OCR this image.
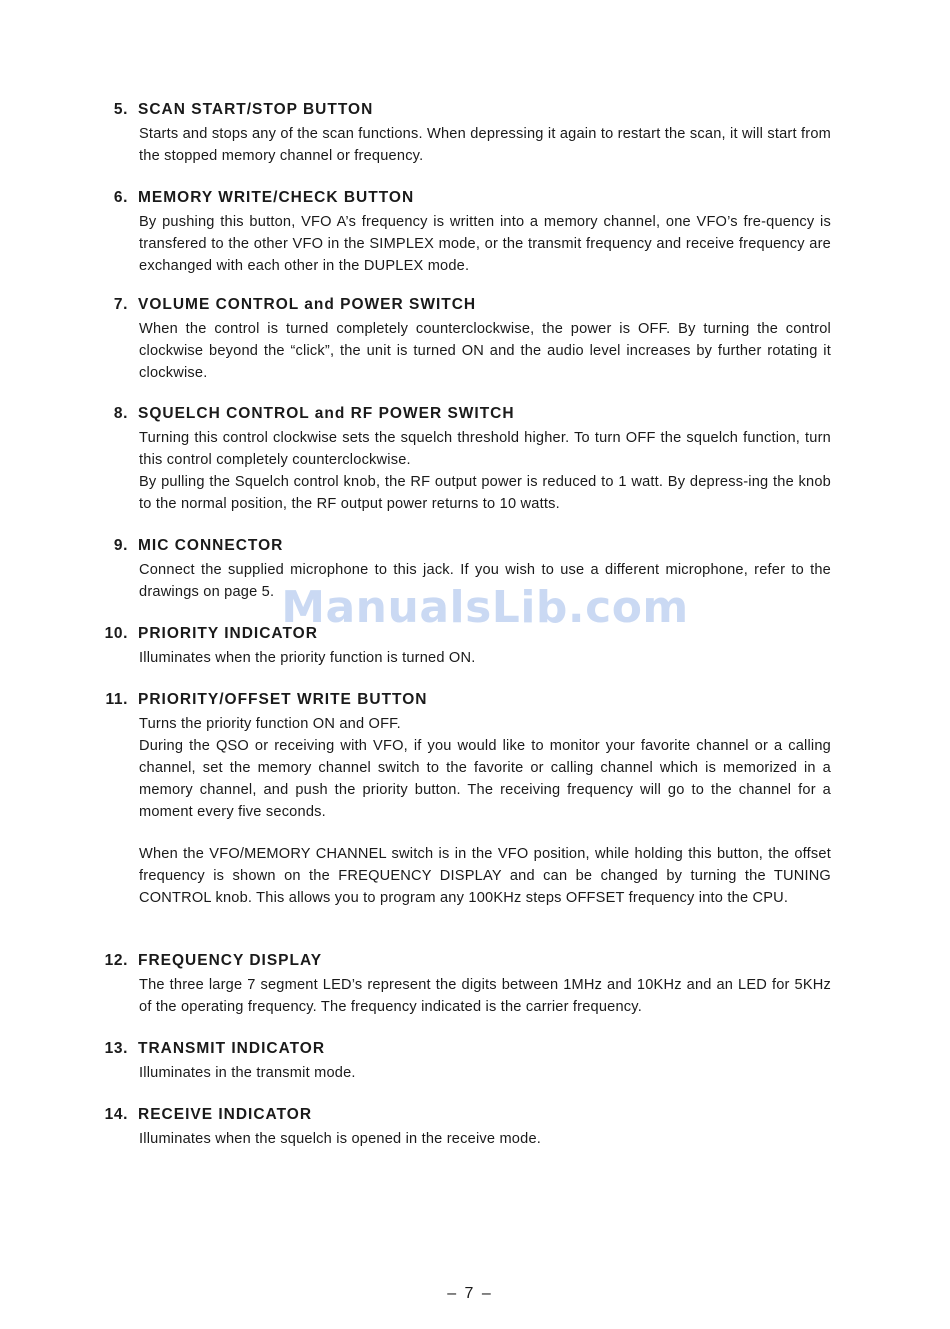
5. SCAN START/STOP BUTTON

Starts and stops any of the scan functions. When depressing it again to restart the scan, it will start from the stopped memory channel or frequency.

6. MEMORY WRITE/CHECK BUTTON

By pushing this button, VFO A’s frequency is written into a memory channel, one VFO’s fre-quency is transfered to the other VFO in the SIMPLEX mode, or the transmit frequency and receive frequency are exchanged with each other in the DUPLEX mode.

7. VOLUME CONTROL and POWER SWITCH

When the control is turned completely counterclockwise, the power is OFF. By turning the control clockwise beyond the “click”, the unit is turned ON and the audio level increases by further rotating it clockwise.

8. SQUELCH CONTROL and RF POWER SWITCH

Turning this control clockwise sets the squelch threshold higher. To turn OFF the squelch function, turn this control completely counterclockwise.

By pulling the Squelch control knob, the RF output power is reduced to 1 watt. By depress-ing the knob to the normal position, the RF output power returns to 10 watts.

9. MIC CONNECTOR

Connect the supplied microphone to this jack. If you wish to use a different microphone, refer to the drawings on page 5.

10. PRIORITY INDICATOR

Illuminates when the priority function is turned ON.

11. PRIORITY/OFFSET WRITE BUTTON

Turns the priority function ON and OFF.

During the QSO or receiving with VFO, if you would like to monitor your favorite channel or a calling channel, set the memory channel switch to the favorite or calling channel which is memorized in a memory channel, and push the priority button. The receiving frequency will go to the channel for a moment every five seconds.

When the VFO/MEMORY CHANNEL switch is in the VFO position, while holding this button, the offset frequency is shown on the FREQUENCY DISPLAY and can be changed by turning the TUNING CONTROL knob. This allows you to program any 100KHz steps OFFSET frequency into the CPU.

12. FREQUENCY DISPLAY

The three large 7 segment LED’s represent the digits between 1MHz and 10KHz and an LED for 5KHz of the operating frequency. The frequency indicated is the carrier frequency.

13. TRANSMIT INDICATOR

Illuminates in the transmit mode.

14. RECEIVE INDICATOR

Illuminates when the squelch is opened in the receive mode.

ManualsLib.com
– 7 –
